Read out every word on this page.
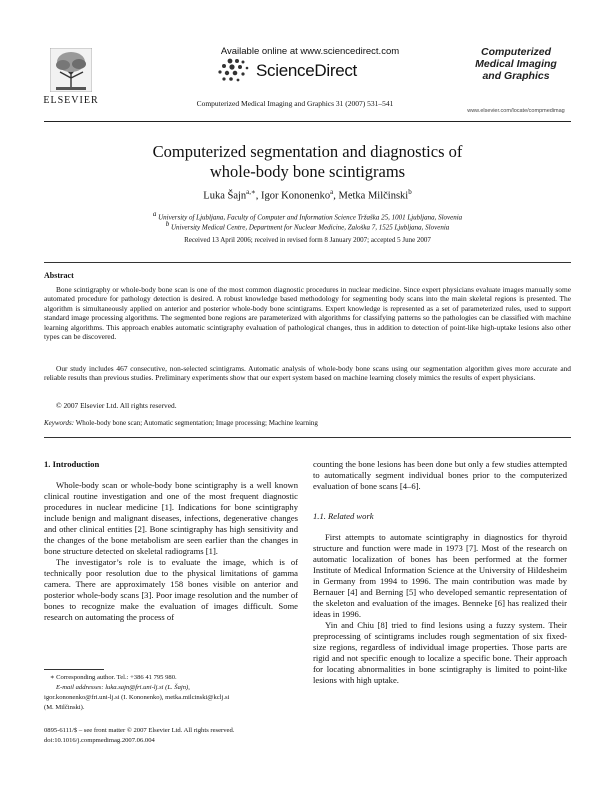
ELSEVIER
Available online at www.sciencedirect.com
ScienceDirect
Computerized Medical Imaging and Graphics 31 (2007) 531–541
Computerized
Medical Imaging
and Graphics
www.elsevier.com/locate/compmedimag
Computerized segmentation and diagnostics of
whole-body bone scintigrams
Luka Šajn$^{a,∗}$, Igor Kononenko$^a$, Metka Milčinski$^b$
$^a$ University of Ljubljana, Faculty of Computer and Information Science Tržaška 25, 1001 Ljubljana, Slovenia
$^b$ University Medical Centre, Department for Nuclear Medicine, Zaloška 7, 1525 Ljubljana, Slovenia
Received 13 April 2006; received in revised form 8 January 2007; accepted 5 June 2007
Abstract
Bone scintigraphy or whole-body bone scan is one of the most common diagnostic procedures in nuclear medicine. Since expert physicians evaluate images manually some automated procedure for pathology detection is desired. A robust knowledge based methodology for segmenting body scans into the main skeletal regions is presented. The algorithm is simultaneously applied on anterior and posterior whole-body bone scintigrams. Expert knowledge is represented as a set of parameterized rules, used to support standard image processing algorithms. The segmented bone regions are parameterized with algorithms for classifying patterns so the pathologies can be classified with machine learning algorithms. This approach enables automatic scintigraphy evaluation of pathological changes, thus in addition to detection of point-like high-uptake lesions also other types can be discovered.
Our study includes 467 consecutive, non-selected scintigrams. Automatic analysis of whole-body bone scans using our segmentation algorithm gives more accurate and reliable results than previous studies. Preliminary experiments show that our expert system based on machine learning closely mimics the results of expert physicians.
© 2007 Elsevier Ltd. All rights reserved.
Keywords: Whole-body bone scan; Automatic segmentation; Image processing; Machine learning
1. Introduction

Whole-body scan or whole-body bone scintigraphy is a well known clinical routine investigation and one of the most frequent diagnostic procedures in nuclear medicine [1]. Indications for bone scintigraphy include benign and malignant diseases, infections, degenerative changes and other clinical entities [2]. Bone scintigraphy has high sensitivity and the changes of the bone metabolism are seen earlier than the changes in bone structure detected on skeletal radiograms [1].

The investigator’s role is to evaluate the image, which is of technically poor resolution due to the physical limitations of gamma camera. There are approximately 158 bones visible on anterior and posterior whole-body scans [3]. Poor image resolution and the number of bones to recognize make the evaluation of images difficult. Some research on automating the process of

counting the bone lesions has been done but only a few studies attempted to automatically segment individual bones prior to the computerized evaluation of bone scans [4–6].

1.1. Related work

First attempts to automate scintigraphy in diagnostics for thyroid structure and function were made in 1973 [7]. Most of the research on automatic localization of bones has been performed at the former Institute of Medical Information Science at the University of Hildesheim in Germany from 1994 to 1996. The main contribution was made by Bernauer [4] and Berning [5] who developed semantic representation of the skeleton and evaluation of the images. Benneke [6] has realized their ideas in 1996.

Yin and Chiu [8] tried to find lesions using a fuzzy system. Their preprocessing of scintigrams includes rough segmentation of six fixed-size regions, regardless of individual image properties. Those parts are rigid and not specific enough to localize a specific bone. Their approach for locating abnormalities in bone scintigraphy is limited to point-like lesions with high uptake.

∗ Corresponding author. Tel.: +386 41 795 980.
E-mail addresses: luka.sajn@fri.uni-lj.si (L. Šajn),
igor.kononenko@fri.uni-lj.si (I. Kononenko), metka.milcinski@kclj.si
(M. Milčinski).
0895-6111/$ – see front matter © 2007 Elsevier Ltd. All rights reserved.
doi:10.1016/j.compmedimag.2007.06.004
